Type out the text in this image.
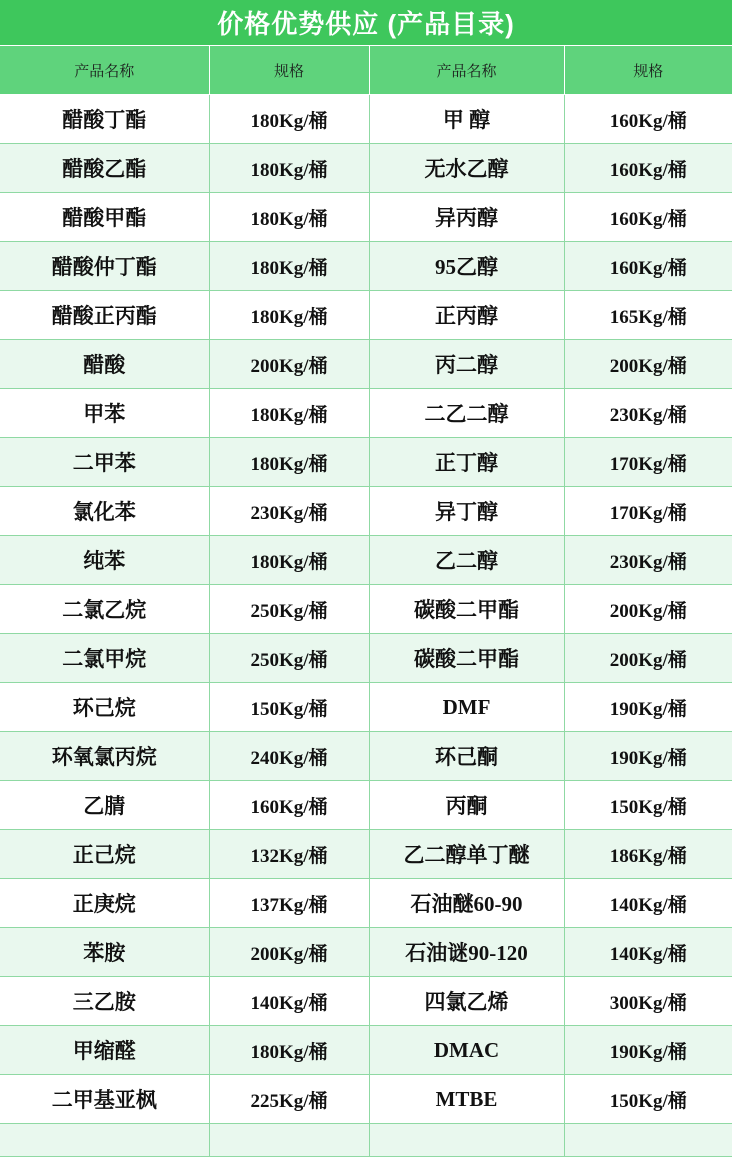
价格优势供应 (产品目录)
产品名称	规格	产品名称	规格
醋酸丁酯	180Kg/桶	甲 醇	160Kg/桶
醋酸乙酯	180Kg/桶	无水乙醇	160Kg/桶
醋酸甲酯	180Kg/桶	异丙醇	160Kg/桶
醋酸仲丁酯	180Kg/桶	95乙醇	160Kg/桶
醋酸正丙酯	180Kg/桶	正丙醇	165Kg/桶
醋酸	200Kg/桶	丙二醇	200Kg/桶
甲苯	180Kg/桶	二乙二醇	230Kg/桶
二甲苯	180Kg/桶	正丁醇	170Kg/桶
氯化苯	230Kg/桶	异丁醇	170Kg/桶
纯苯	180Kg/桶	乙二醇	230Kg/桶
二氯乙烷	250Kg/桶	碳酸二甲酯	200Kg/桶
二氯甲烷	250Kg/桶	碳酸二甲酯	200Kg/桶
环己烷	150Kg/桶	DMF	190Kg/桶
环氧氯丙烷	240Kg/桶	环己酮	190Kg/桶
乙腈	160Kg/桶	丙酮	150Kg/桶
正己烷	132Kg/桶	乙二醇单丁醚	186Kg/桶
正庚烷	137Kg/桶	石油醚60-90	140Kg/桶
苯胺	200Kg/桶	石油谜90-120	140Kg/桶
三乙胺	140Kg/桶	四氯乙烯	300Kg/桶
甲缩醛	180Kg/桶	DMAC	190Kg/桶
二甲基亚枫	225Kg/桶	MTBE	150Kg/桶
